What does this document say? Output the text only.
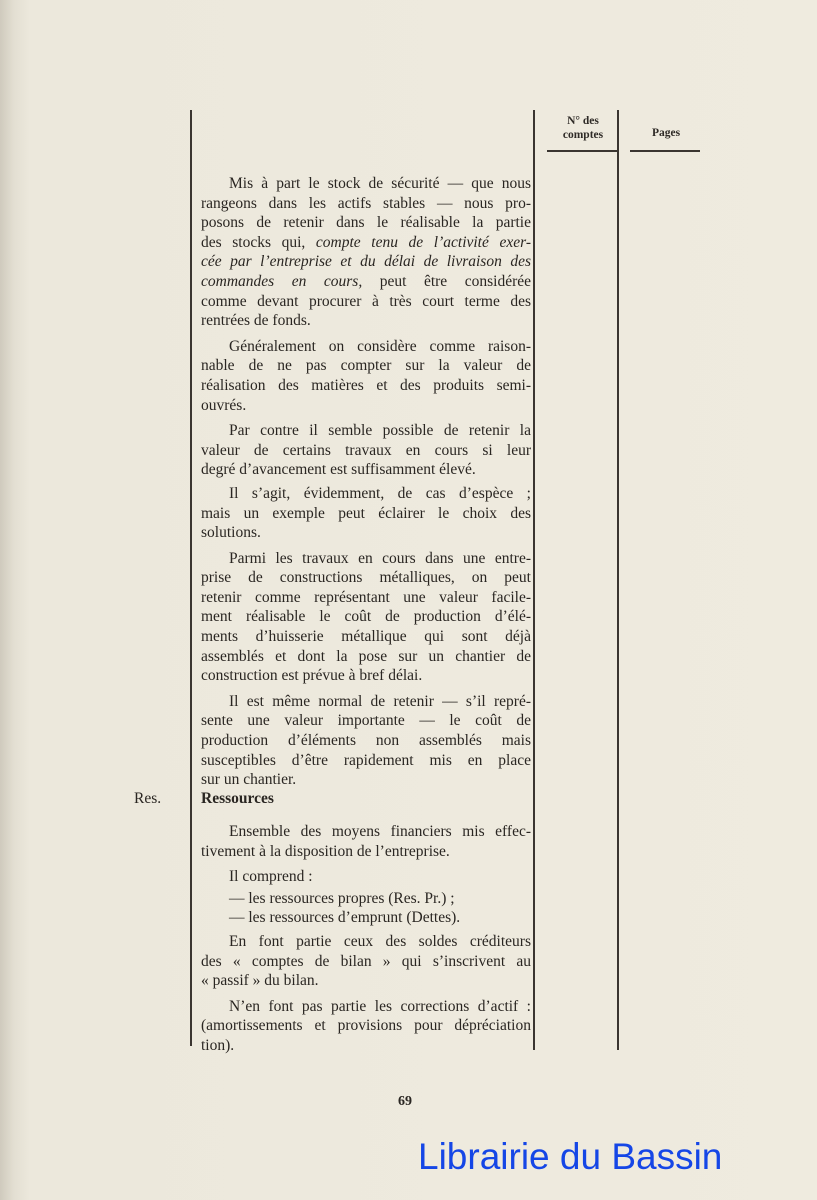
N° des comptes	Pages
Mis à part le stock de sécurité — que nous
rangeons dans les actifs stables — nous pro-
posons de retenir dans le réalisable la partie
des stocks qui, compte tenu de l’activité exer-
cée par l’entreprise et du délai de livraison des
commandes en cours, peut être considérée
comme devant procurer à très court terme des
rentrées de fonds.
Généralement on considère comme raison-
nable de ne pas compter sur la valeur de
réalisation des matières et des produits semi-
ouvrés.
Par contre il semble possible de retenir la
valeur de certains travaux en cours si leur
degré d’avancement est suffisamment élevé.
Il s’agit, évidemment, de cas d’espèce ;
mais un exemple peut éclairer le choix des
solutions.
Parmi les travaux en cours dans une entre-
prise de constructions métalliques, on peut
retenir comme représentant une valeur facile-
ment réalisable le coût de production d’élé-
ments d’huisserie métallique qui sont déjà
assemblés et dont la pose sur un chantier de
construction est prévue à bref délai.
Il est même normal de retenir — s’il repré-
sente une valeur importante — le coût de
production d’éléments non assemblés mais
susceptibles d’être rapidement mis en place
sur un chantier.
Res.	Ressources
Ensemble des moyens financiers mis effec-
tivement à la disposition de l’entreprise.
Il comprend :
— les ressources propres (Res. Pr.) ;
— les ressources d’emprunt (Dettes).
En font partie ceux des soldes créditeurs
des « comptes de bilan » qui s’inscrivent au
« passif » du bilan.
N’en font pas partie les corrections d’actif :
(amortissements et provisions pour dépréciation
tion).
69
Librairie du Bassin
